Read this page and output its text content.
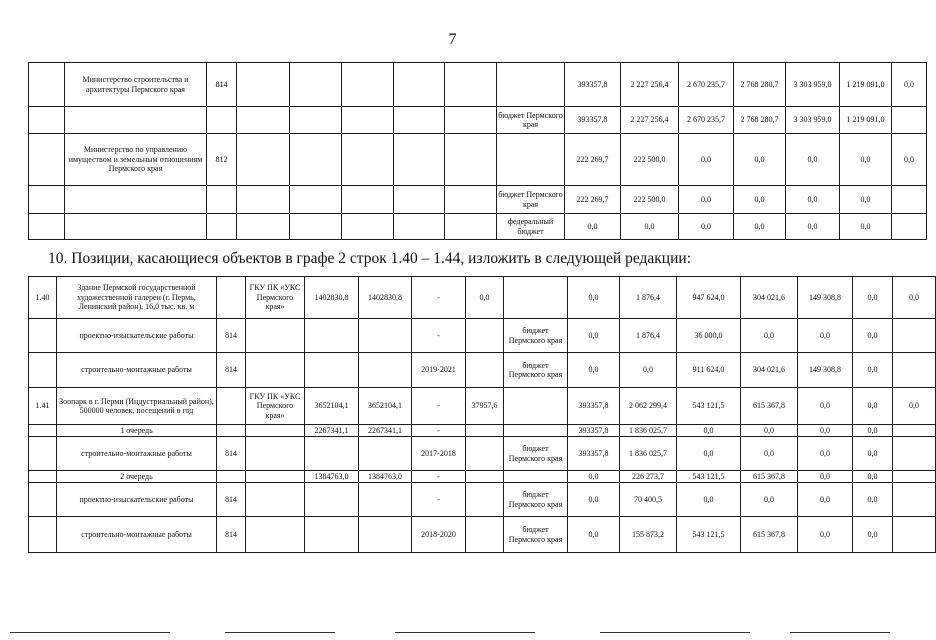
7
	Министерство строительства и архитектуры Пермского края	814							393357,8	2 227 256,4	2 670 235,7	2 768 280,7	3 303 959,0	1 219 091,0	0,0
								бюджет Пермского края	393357,8	2 227 256,4	2 670 235,7	2 768 280,7	3 303 959,0	1 219 091,0	
	Министерство по управлению имуществом и земельным отношениям Пермского края	812							222 269,7	222 500,0	0,0	0,0	0,0	0,0	0,0
								бюджет Пермского края	222 269,7	222 500,0	0,0	0,0	0,0	0,0	
								федеральный бюджет	0,0	0,0	0,0	0,0	0,0	0,0	
10. Позиции, касающиеся объектов в графе 2 строк 1.40 – 1.44, изложить в следующей редакции:
1.40	Здание Пермской государственной художественной галереи (г. Пермь, Ленинский район), 16,0 тыс. кв. м		ГКУ ПК «УКС Пермского края»	1402830,8	1402830,8	-	0,0		0,0	1 876,4	947 624,0	304 021,6	149 308,8	0,0	0,0
	проектно-изыскательские работы	814				-		бюджет Пермского края	0,0	1 876,4	36 000,0	0,0	0,0	0,0	
	строительно-монтажные работы	814				2019-2021		бюджет Пермского края	0,0	0,0	911 624,0	304 021,6	149 308,8	0,0	
1.41	Зоопарк в г. Перми (Индустриальный район), 500000 человек, посещений в год		ГКУ ПК «УКС Пермского края»	3652104,1	3652104,1	-	37957,6		393357,8	2 062 299,4	543 121,5	615 367,8	0,0	0,0	0,0
	1 очередь			2267341,1	2267341,1	-			393357,8	1 836 025,7	0,0	0,0	0,0	0,0	
	строительно-монтажные работы	814				2017-2018		бюджет Пермского края	393357,8	1 836 025,7	0,0	0,0	0,0	0,0	
	2 очередь			1384763,0	1384763,0	-			0,0	226 273,7	543 121,5	615 367,8	0,0	0,0	
	проектно-изыскательские работы	814				-		бюджет Пермского края	0,0	70 400,5	0,0	0,0	0,0	0,0	
	строительно-монтажные работы	814				2018-2020		бюджет Пермского края	0,0	155 873,2	543 121,5	615 367,8	0,0	0,0	
